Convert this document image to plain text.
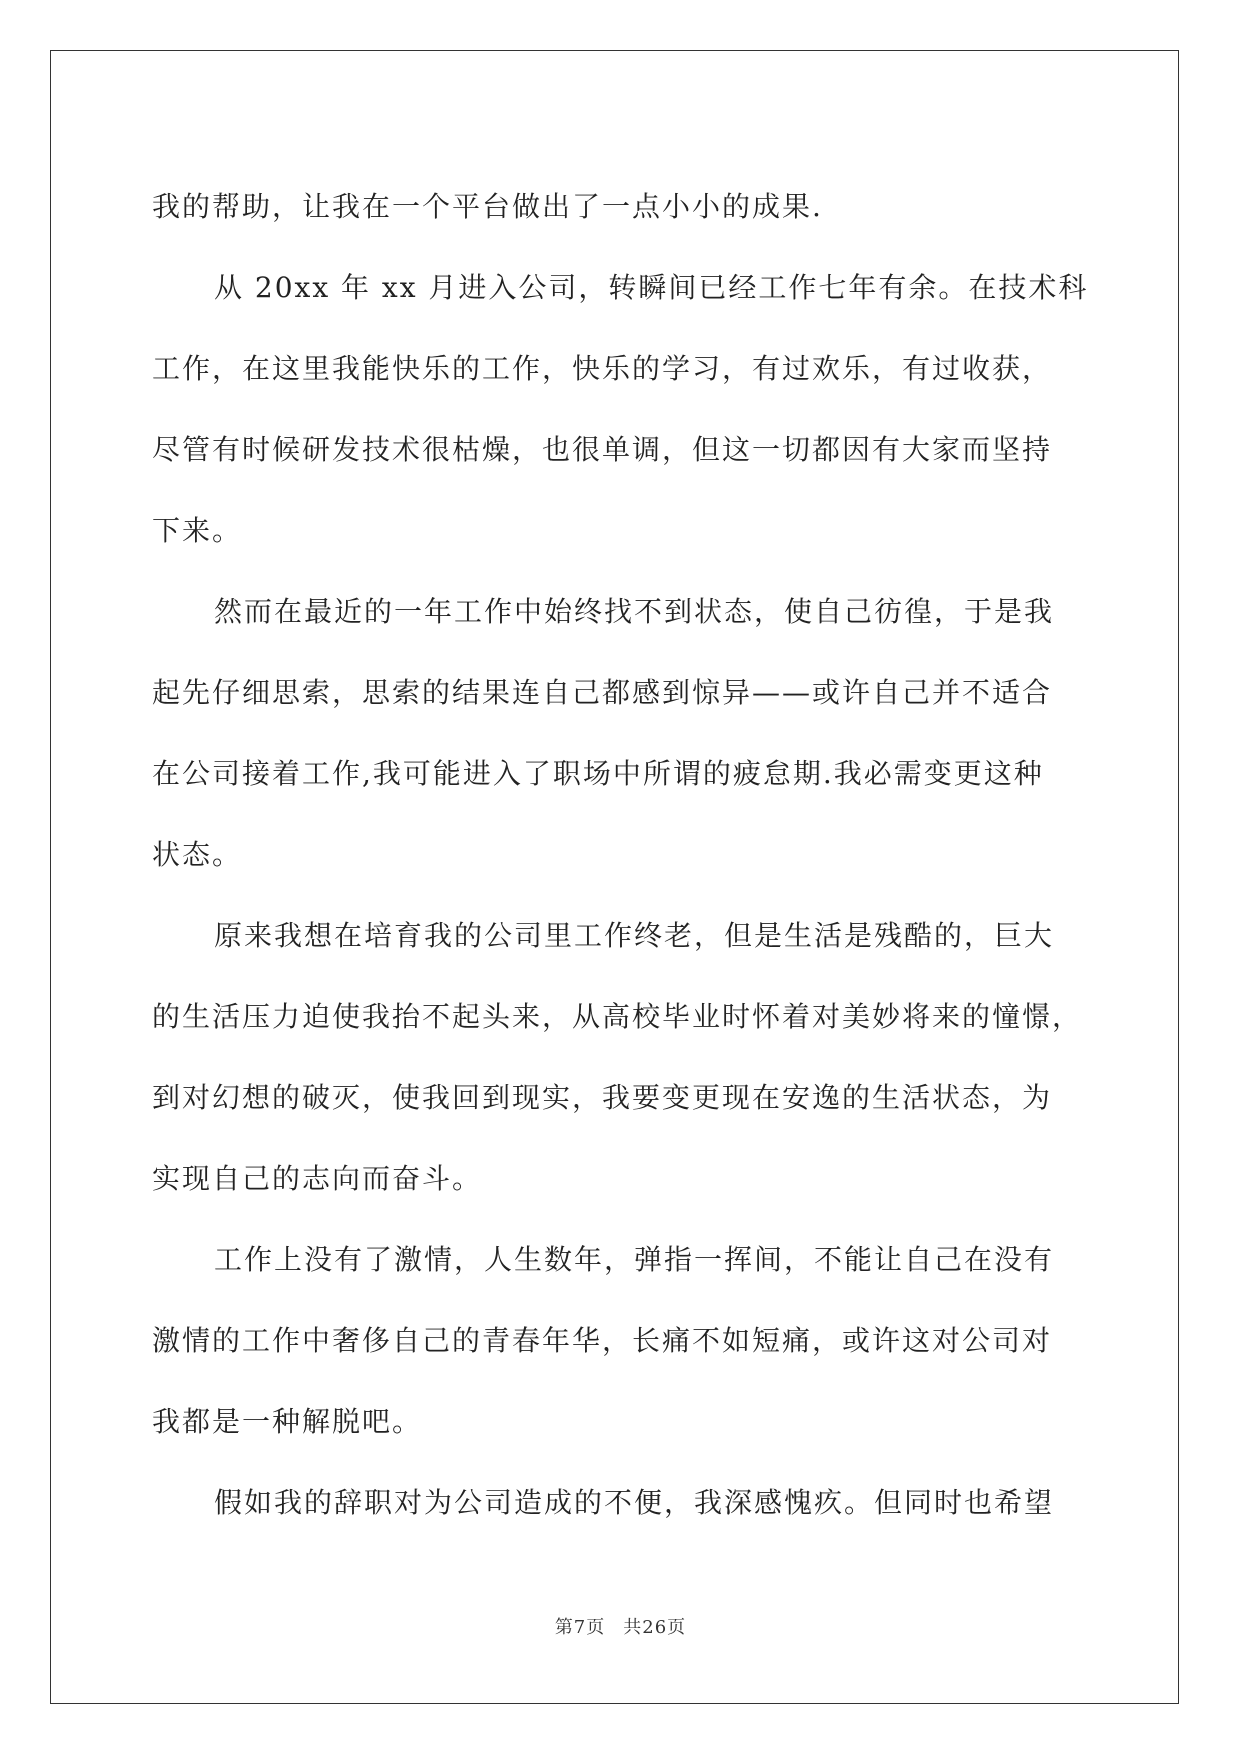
我的帮助，让我在一个平台做出了一点小小的成果.
从 20xx 年 xx 月进入公司，转瞬间已经工作七年有余。在技术科
工作，在这里我能快乐的工作，快乐的学习，有过欢乐，有过收获，
尽管有时候研发技术很枯燥，也很单调，但这一切都因有大家而坚持
下来。
然而在最近的一年工作中始终找不到状态，使自己彷徨，于是我
起先仔细思索，思索的结果连自己都感到惊异——或许自己并不适合
在公司接着工作,我可能进入了职场中所谓的疲怠期.我必需变更这种
状态。
原来我想在培育我的公司里工作终老，但是生活是残酷的，巨大
的生活压力迫使我抬不起头来，从高校毕业时怀着对美妙将来的憧憬，
到对幻想的破灭，使我回到现实，我要变更现在安逸的生活状态，为
实现自己的志向而奋斗。
工作上没有了激情，人生数年，弹指一挥间，不能让自己在没有
激情的工作中奢侈自己的青春年华，长痛不如短痛，或许这对公司对
我都是一种解脱吧。
假如我的辞职对为公司造成的不便，我深感愧疚。但同时也希望
第7页 共26页
